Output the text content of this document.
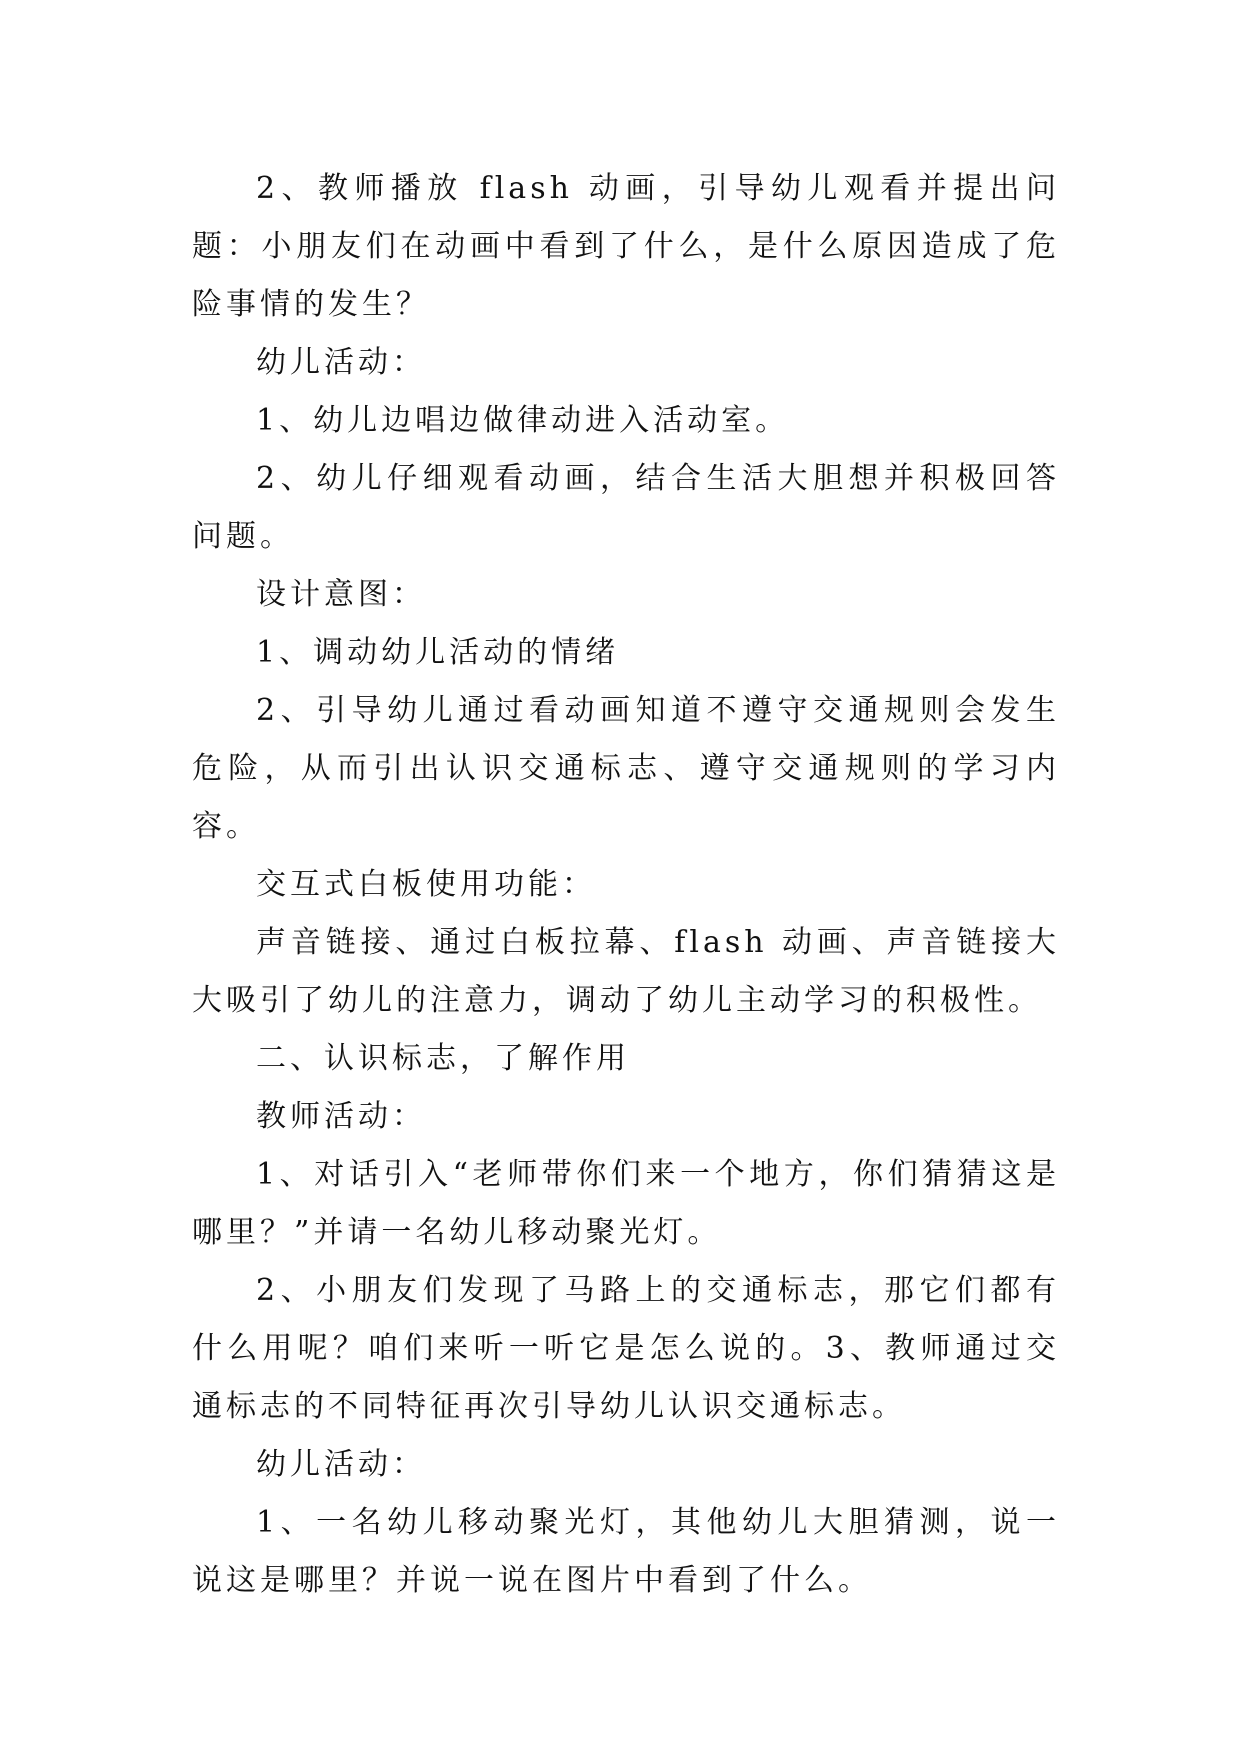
2、教师播放 flash 动画，引导幼儿观看并提出问题：小朋友们在动画中看到了什么，是什么原因造成了危险事情的发生？

幼儿活动：

1、幼儿边唱边做律动进入活动室。

2、幼儿仔细观看动画，结合生活大胆想并积极回答问题。

设计意图：

1、调动幼儿活动的情绪

2、引导幼儿通过看动画知道不遵守交通规则会发生危险，从而引出认识交通标志、遵守交通规则的学习内容。

交互式白板使用功能：

声音链接、通过白板拉幕、flash 动画、声音链接大大吸引了幼儿的注意力，调动了幼儿主动学习的积极性。

二、认识标志，了解作用

教师活动：

1、对话引入“老师带你们来一个地方，你们猜猜这是哪里？”并请一名幼儿移动聚光灯。

2、小朋友们发现了马路上的交通标志，那它们都有什么用呢？咱们来听一听它是怎么说的。3、教师通过交通标志的不同特征再次引导幼儿认识交通标志。

幼儿活动：

1、一名幼儿移动聚光灯，其他幼儿大胆猜测，说一说这是哪里？并说一说在图片中看到了什么。
